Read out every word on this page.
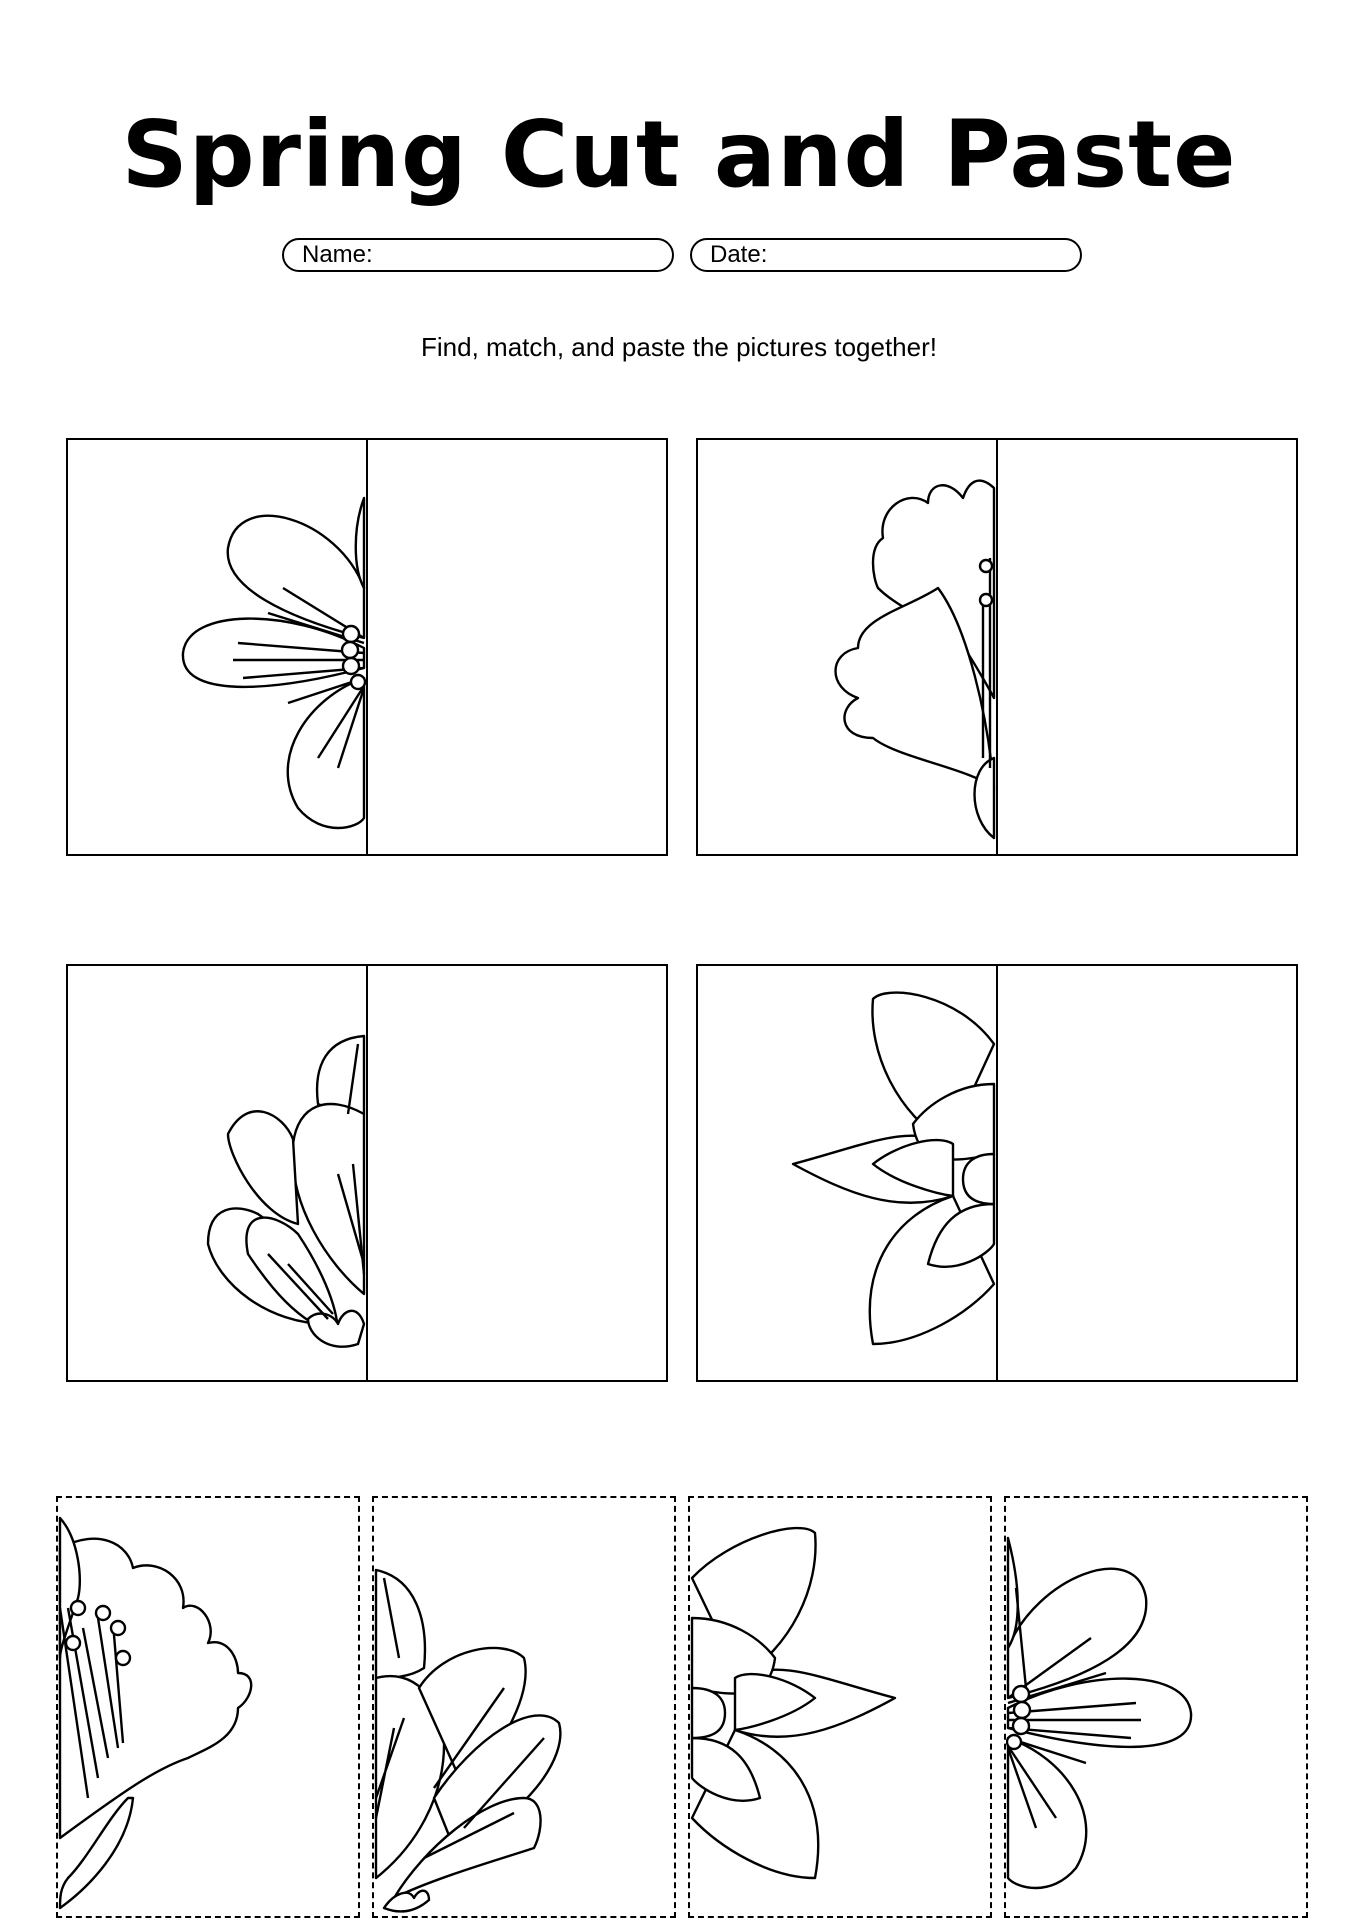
Spring Cut and Paste
Name:	Date:
Find, match, and paste the pictures together!
